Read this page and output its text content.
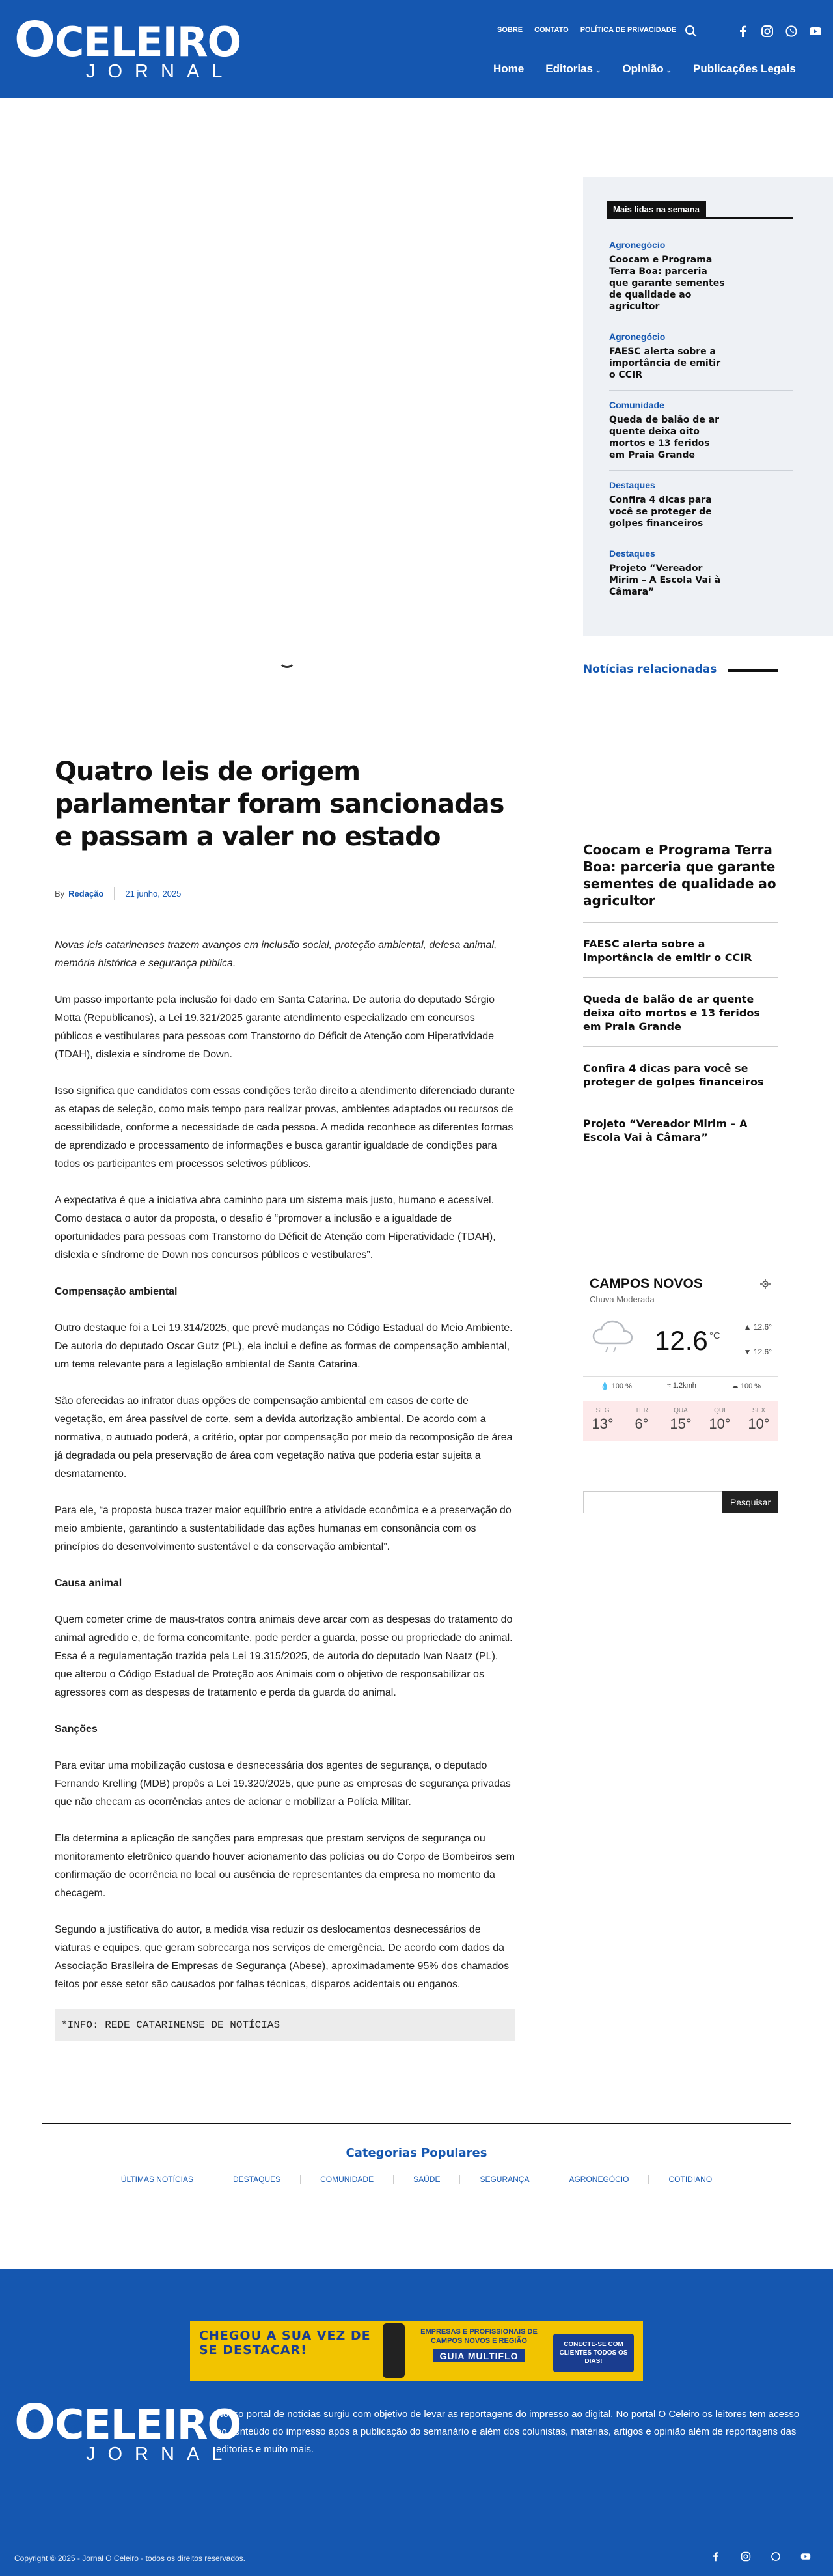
O CELEIRO
JORNAL
SOBRE CONTATO POLÍTICA DE PRIVACIDADE
Home Editorias ⌄ Opinião ⌄ Publicações Legais
Mais lidas na semana
Agronegócio
Coocam e Programa Terra Boa: parceria que garante sementes de qualidade ao agricultor
Agronegócio
FAESC alerta sobre a importância de emitir o CCIR
Comunidade
Queda de balão de ar quente deixa oito mortos e 13 feridos em Praia Grande
Destaques
Confira 4 dicas para você se proteger de golpes financeiros
Destaques
Projeto “Vereador Mirim – A Escola Vai à Câmara”
Notícias relacionadas
Quatro leis de origem parlamentar foram sancionadas e passam a valer no estado
By Redação	21 junho, 2025

Novas leis catarinenses trazem avanços em inclusão social, proteção ambiental, defesa animal, memória histórica e segurança pública.

Um passo importante pela inclusão foi dado em Santa Catarina. De autoria do deputado Sérgio Motta (Republicanos), a Lei 19.321/2025 garante atendimento especializado em concursos públicos e vestibulares para pessoas com Transtorno do Déficit de Atenção com Hiperatividade (TDAH), dislexia e síndrome de Down.

Isso significa que candidatos com essas condições terão direito a atendimento diferenciado durante as etapas de seleção, como mais tempo para realizar provas, ambientes adaptados ou recursos de acessibilidade, conforme a necessidade de cada pessoa. A medida reconhece as diferentes formas de aprendizado e processamento de informações e busca garantir igualdade de condições para todos os participantes em processos seletivos públicos.

A expectativa é que a iniciativa abra caminho para um sistema mais justo, humano e acessível. Como destaca o autor da proposta, o desafio é “promover a inclusão e a igualdade de oportunidades para pessoas com Transtorno do Déficit de Atenção com Hiperatividade (TDAH), dislexia e síndrome de Down nos concursos públicos e vestibulares”.

Compensação ambiental

Outro destaque foi a Lei 19.314/2025, que prevê mudanças no Código Estadual do Meio Ambiente. De autoria do deputado Oscar Gutz (PL), ela inclui e define as formas de compensação ambiental, um tema relevante para a legislação ambiental de Santa Catarina.

São oferecidas ao infrator duas opções de compensação ambiental em casos de corte de vegetação, em área passível de corte, sem a devida autorização ambiental. De acordo com a normativa, o autuado poderá, a critério, optar por compensação por meio da recomposição de área já degradada ou pela preservação de área com vegetação nativa que poderia estar sujeita a desmatamento.

Para ele, “a proposta busca trazer maior equilíbrio entre a atividade econômica e a preservação do meio ambiente, garantindo a sustentabilidade das ações humanas em consonância com os princípios do desenvolvimento sustentável e da conservação ambiental”.

Causa animal

Quem cometer crime de maus-tratos contra animais deve arcar com as despesas do tratamento do animal agredido e, de forma concomitante, pode perder a guarda, posse ou propriedade do animal. Essa é a regulamentação trazida pela Lei 19.315/2025, de autoria do deputado Ivan Naatz (PL), que alterou o Código Estadual de Proteção aos Animais com o objetivo de responsabilizar os agressores com as despesas de tratamento e perda da guarda do animal.

Sanções

Para evitar uma mobilização custosa e desnecessária dos agentes de segurança, o deputado Fernando Krelling (MDB) propôs a Lei 19.320/2025, que pune as empresas de segurança privadas que não checam as ocorrências antes de acionar e mobilizar a Polícia Militar.

Ela determina a aplicação de sanções para empresas que prestam serviços de segurança ou monitoramento eletrônico quando houver acionamento das polícias ou do Corpo de Bombeiros sem confirmação de ocorrência no local ou ausência de representantes da empresa no momento da checagem.

Segundo a justificativa do autor, a medida visa reduzir os deslocamentos desnecessários de viaturas e equipes, que geram sobrecarga nos serviços de emergência. De acordo com dados da Associação Brasileira de Empresas de Segurança (Abese), aproximadamente 95% dos chamados feitos por esse setor são causados por falhas técnicas, disparos acidentais ou enganos.

*INFO: REDE CATARINENSE DE NOTÍCIAS
Coocam e Programa Terra Boa: parceria que garante sementes de qualidade ao agricultor
FAESC alerta sobre a importância de emitir o CCIR
Queda de balão de ar quente deixa oito mortos e 13 feridos em Praia Grande
Confira 4 dicas para você se proteger de golpes financeiros
Projeto “Vereador Mirim – A Escola Vai à Câmara”
CAMPOS NOVOS
Chuva Moderada
12.6 °C
▲ 12.6°
▼ 12.6°
💧 100 %	≈ 1.2kmh	☁ 100 %
SEG
13°
TER
6°
QUA
15°
QUI
10°
SEX
10°
Pesquisar
Categorias Populares
ÚLTIMAS NOTÍCIAS	DESTAQUES	COMUNIDADE	SAÚDE	SEGURANÇA	AGRONEGÓCIO	COTIDIANO
CHEGOU A SUA VEZ DE SE DESTACAR!
EMPRESAS E PROFISSIONAIS DE CAMPOS NOVOS E REGIÃO
GUIA MULTIFLO
CONECTE-SE COM CLIENTES TODOS OS DIAS!
O CELEIRO
JORNAL
Nosso portal de notícias surgiu com objetivo de levar as reportagens do impresso ao digital. No portal O Celeiro os leitores tem acesso ao conteúdo do impresso após a publicação do semanário e além dos colunistas, matérias, artigos e opinião além de reportagens das editorias e muito mais.
Copyright © 2025 - Jornal O Celeiro - todos os direitos reservados.
